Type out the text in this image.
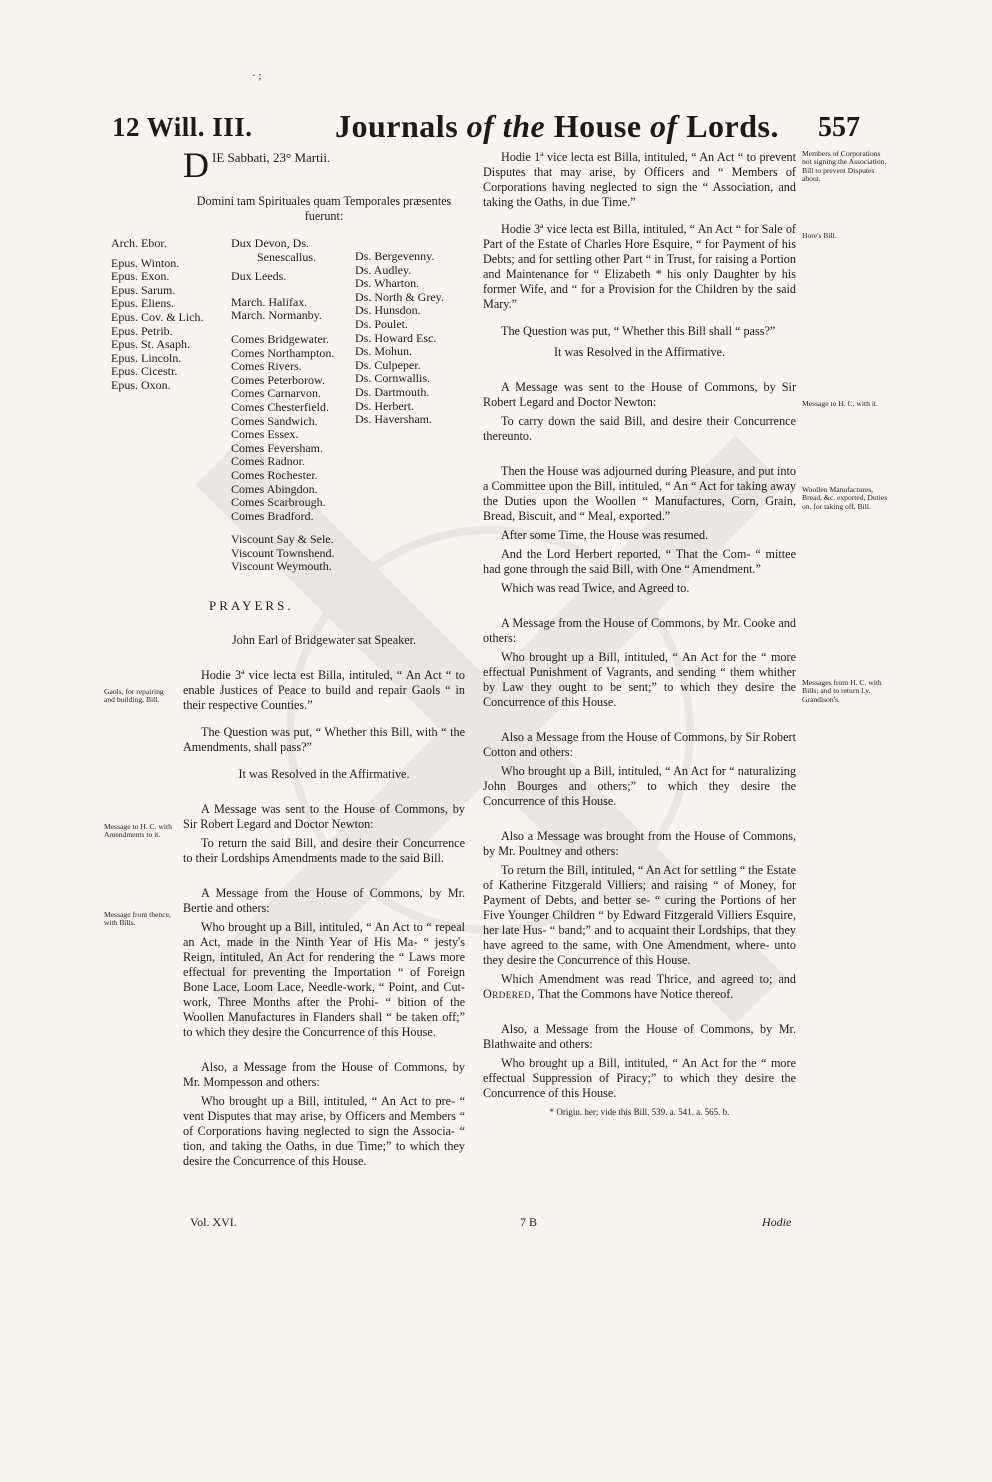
· ;
12 Will. III.	Journals of the House of Lords. 557
Gaols, for repairing and building, Bill.
Message to H. C. with Amendments to it.
Message from thence, with Bills.
Members of Corporations not signing the Association, Bill to prevent Disputes about.
Hore's Bill.
Message to H. C. with it.
Woollen Manufactures, Bread, &c. exported, Duties on, for taking off, Bill.
Messages from H. C. with Bills; and to return Ly. Grandison's.

DIE Sabbati, 23° Martii.

Domini tam Spirituales quam Temporales præsentes fuerunt:

Arch. Ebor.
Epus. Winton.
Epus. Exon.
Epus. Sarum.
Epus. Eliens.
Epus. Cov. & Lich.
Epus. Petrib.
Epus. St. Asaph.
Epus. Lincoln.
Epus. Cicestr.
Epus. Oxon.
Dux Devon, Ds.
Senescallus.
Dux Leeds.
March. Halifax.
March. Normanby.
Comes Bridgewater.
Comes Northampton.
Comes Rivers.
Comes Peterborow.
Comes Carnarvon.
Comes Chesterfield.
Comes Sandwich.
Comes Essex.
Comes Feversham.
Comes Radnor.
Comes Rochester.
Comes Abingdon.
Comes Scarbrough.
Comes Bradford.
Viscount Say & Sele.
Viscount Townshend.
Viscount Weymouth.
Ds. Bergevenny.
Ds. Audley.
Ds. Wharton.
Ds. North & Grey.
Ds. Hunsdon.
Ds. Poulet.
Ds. Howard Esc.
Ds. Mohun.
Ds. Culpeper.
Ds. Cornwallis.
Ds. Dartmouth.
Ds. Herbert.
Ds. Haversham.

PRAYERS.

John Earl of Bridgewater sat Speaker.

Hodie 3ª vice lecta est Billa, intituled, “ An Act “ to enable Justices of Peace to build and repair Gaols “ in their respective Counties.”

The Question was put, “ Whether this Bill, with “ the Amendments, shall pass?”

It was Resolved in the Affirmative.

A Message was sent to the House of Commons, by Sir Robert Legard and Doctor Newton:

To return the said Bill, and desire their Concurrence to their Lordships Amendments made to the said Bill.

A Message from the House of Commons, by Mr. Bertie and others:

Who brought up a Bill, intituled, “ An Act to “ repeal an Act, made in the Ninth Year of His Ma- “ jesty's Reign, intituled, An Act for rendering the “ Laws more effectual for preventing the Importation “ of Foreign Bone Lace, Loom Lace, Needle-work, “ Point, and Cut-work, Three Months after the Prohi- “ bition of the Woollen Manufactures in Flanders shall “ be taken off;” to which they desire the Concurrence of this House.

Also, a Message from the House of Commons, by Mr. Mompesson and others:

Who brought up a Bill, intituled, “ An Act to pre- “ vent Disputes that may arise, by Officers and Members “ of Corporations having neglected to sign the Associa- “ tion, and taking the Oaths, in due Time;” to which they desire the Concurrence of this House.

Hodie 1ª vice lecta est Billa, intituled, “ An Act “ to prevent Disputes that may arise, by Officers and “ Members of Corporations having neglected to sign the “ Association, and taking the Oaths, in due Time.”

Hodie 3ª vice lecta est Billa, intituled, “ An Act “ for Sale of Part of the Estate of Charles Hore Esquire, “ for Payment of his Debts; and for settling other Part “ in Trust, for raising a Portion and Maintenance for “ Elizabeth * his only Daughter by his former Wife, and “ for a Provision for the Children by the said Mary.”

The Question was put, “ Whether this Bill shall “ pass?”

It was Resolved in the Affirmative.

A Message was sent to the House of Commons, by Sir Robert Legard and Doctor Newton:

To carry down the said Bill, and desire their Concurrence thereunto.

Then the House was adjourned during Pleasure, and put into a Committee upon the Bill, intituled, “ An “ Act for taking away the Duties upon the Woollen “ Manufactures, Corn, Grain, Bread, Biscuit, and “ Meal, exported.”

After some Time, the House was resumed.

And the Lord Herbert reported, “ That the Com- “ mittee had gone through the said Bill, with One “ Amendment.”

Which was read Twice, and Agreed to.

A Message from the House of Commons, by Mr. Cooke and others:

Who brought up a Bill, intituled, “ An Act for the “ more effectual Punishment of Vagrants, and sending “ them whither by Law they ought to be sent;” to which they desire the Concurrence of this House.

Also a Message from the House of Commons, by Sir Robert Cotton and others:

Who brought up a Bill, intituled, “ An Act for “ naturalizing John Bourges and others;” to which they desire the Concurrence of this House.

Also a Message was brought from the House of Commons, by Mr. Poultney and others:

To return the Bill, intituled, “ An Act for settling “ the Estate of Katherine Fitzgerald Villiers; and raising “ of Money, for Payment of Debts, and better se- “ curing the Portions of her Five Younger Children “ by Edward Fitzgerald Villiers Esquire, her late Hus- “ band;” and to acquaint their Lordships, that they have agreed to the same, with One Amendment, where- unto they desire the Concurrence of this House.

Which Amendment was read Thrice, and agreed to; and Ordered, That the Commons have Notice thereof.

Also, a Message from the House of Commons, by Mr. Blathwaite and others:

Who brought up a Bill, intituled, “ An Act for the “ more effectual Suppression of Piracy;” to which they desire the Concurrence of this House.

* Origin. her; vide this Bill, 539. a. 541. a. 565. b.

Vol. XVI.	7 B	Hodie
